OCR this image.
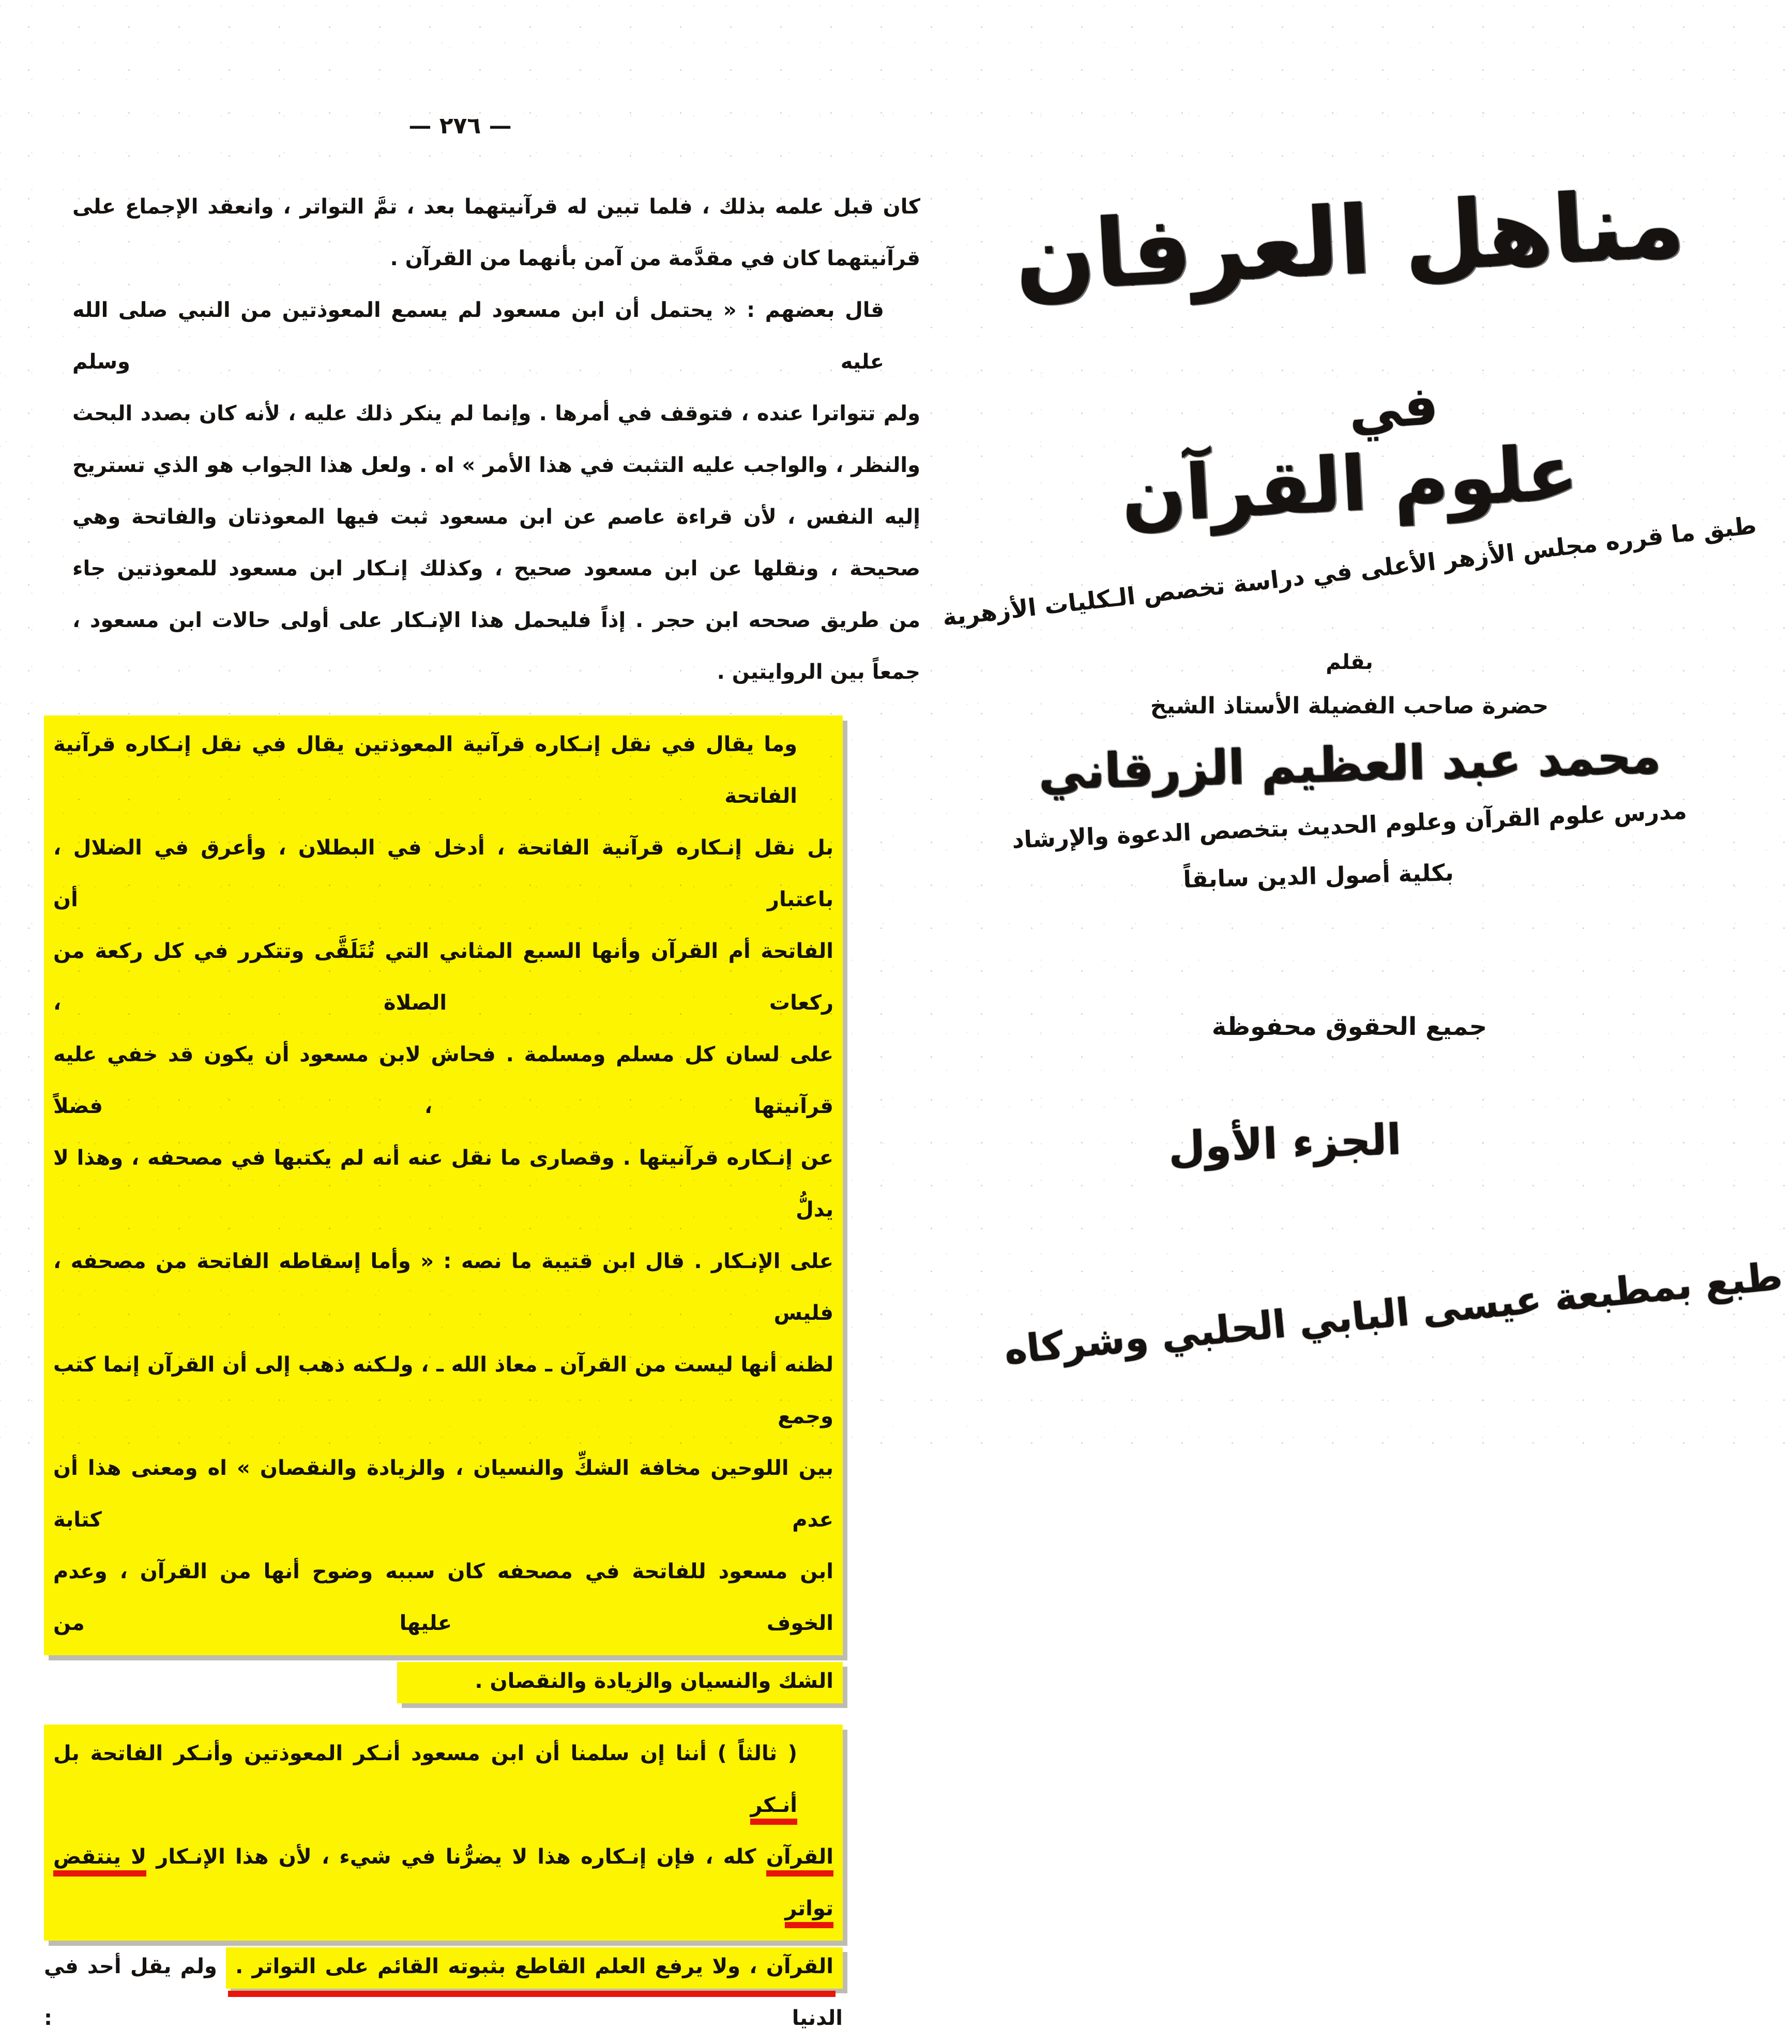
— ٢٧٦ —
كان قبل علمه بذلك ، فلما تبين له قرآنيتهما بعد ، تمَّ التواتر ، وانعقد الإجماع على
قرآنيتهما كان في مقدَّمة من آمن بأنهما من القرآن .
قال بعضهم : « يحتمل أن ابن مسعود لم يسمع المعوذتين من النبي صلى الله عليه وسلم
ولم تتواترا عنده ، فتوقف في أمرها . وإنما لم ينكر ذلك عليه ، لأنه كان بصدد البحث
والنظر ، والواجب عليه التثبت في هذا الأمر » اه . ولعل هذا الجواب هو الذي تستريح
إليه النفس ، لأن قراءة عاصم عن ابن مسعود ثبت فيها المعوذتان والفاتحة وهي
صحيحة ، ونقلها عن ابن مسعود صحيح ، وكذلك إنـكار ابن مسعود للمعوذتين جاء
من طريق صححه ابن حجر . إذاً فليحمل هذا الإنـكار على أولى حالات ابن مسعود ،
جمعاً بين الروايتين .
وما يقال في نقل إنـكاره قرآنية المعوذتين يقال في نقل إنـكاره قرآنية الفاتحة
بل نقل إنـكاره قرآنية الفاتحة ، أدخل في البطلان ، وأعرق في الضلال ، باعتبار أن
الفاتحة أم القرآن وأنها السبع المثاني التي تُتَلَقَّى وتتكرر في كل ركعة من ركعات الصلاة ،
على لسان كل مسلم ومسلمة . فحاش لابن مسعود أن يكون قد خفي عليه قرآنيتها ، فضلاً
عن إنـكاره قرآنيتها . وقصارى ما نقل عنه أنه لم يكتبها في مصحفه ، وهذا لا يدلُّ
على الإنـكار . قال ابن قتيبة ما نصه : « وأما إسقاطه الفاتحة من مصحفه ، فليس
لظنه أنها ليست من القرآن ـ معاذ الله ـ ، ولـكنه ذهب إلى أن القرآن إنما كتب وجمع
بين اللوحين مخافة الشكِّ والنسيان ، والزيادة والنقصان » اه ومعنى هذا أن عدم كتابة
ابن مسعود للفاتحة في مصحفه كان سببه وضوح أنها من القرآن ، وعدم الخوف عليها من
الشك والنسيان والزيادة والنقصان .
( ثالثاً ) أننا إن سلمنا أن ابن مسعود أنـكر المعوذتين وأنـكر الفاتحة بل أنـكر
القرآن كله ، فإن إنـكاره هذا لا يضرُّنا في شيء ، لأن هذا الإنـكار لا ينتقض تواتر
القرآن ، ولا يرفع العلم القاطع بثبوته القائم على التواتر . ولم يقل أحد في الدنيا :
مناهل العرفان
في
علوم القرآن
طبق ما قرره مجلس الأزهر الأعلى في دراسة تخصص الـكليات الأزهرية
بقلم
حضرة صاحب الفضيلة الأستاذ الشيخ
محمد عبد العظيم الزرقاني
مدرس علوم القرآن وعلوم الحديث بتخصص الدعوة والإرشاد
بكلية أصول الدين سابقاً
جميع الحقوق محفوظة
الجزء الأول
طبع بمطبعة عيسى البابي الحلبي وشركاه
